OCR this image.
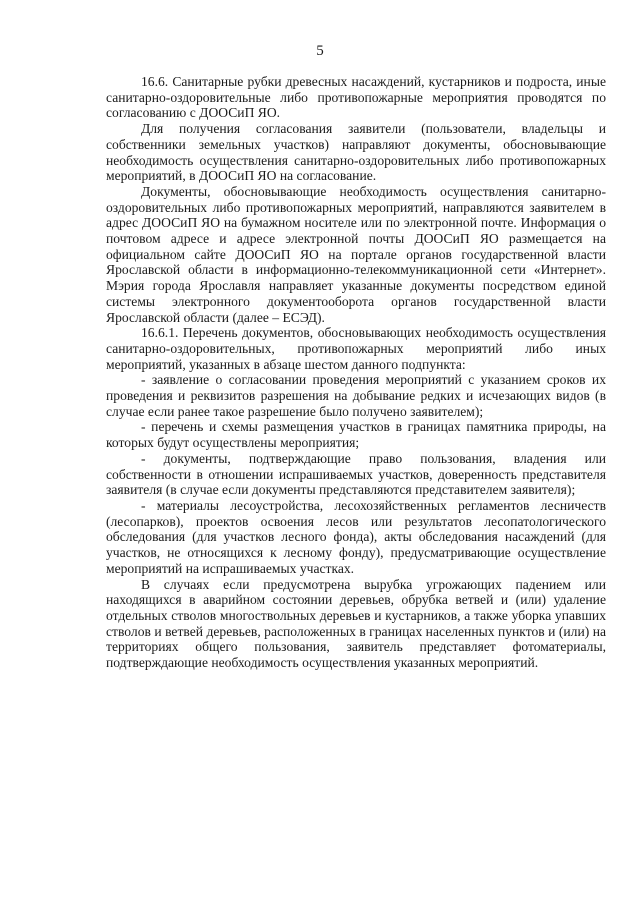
5

16.6. Санитарные рубки древесных насаждений, кустарников и подроста, иные санитарно-оздоровительные либо противопожарные мероприятия проводятся по согласованию с ДООСиП ЯО.

Для получения согласования заявители (пользователи, владельцы и собственники земельных участков) направляют документы, обосновывающие необходимость осуществления санитарно-оздоровительных либо противопожарных мероприятий, в ДООСиП ЯО на согласование.

Документы, обосновывающие необходимость осуществления санитарно-оздоровительных либо противопожарных мероприятий, направляются заявителем в адрес ДООСиП ЯО на бумажном носителе или по электронной почте. Информация о почтовом адресе и адресе электронной почты ДООСиП ЯО размещается на официальном сайте ДООСиП ЯО на портале органов государственной власти Ярославской области в информационно-телекоммуникационной сети «Интернет». Мэрия города Ярославля направляет указанные документы посредством единой системы электронного документооборота органов государственной власти Ярославской области (далее – ЕСЭД).

16.6.1. Перечень документов, обосновывающих необходимость осуществления санитарно-оздоровительных, противопожарных мероприятий либо иных мероприятий, указанных в абзаце шестом данного подпункта:

- заявление о согласовании проведения мероприятий с указанием сроков их проведения и реквизитов разрешения на добывание редких и исчезающих видов (в случае если ранее такое разрешение было получено заявителем);

- перечень и схемы размещения участков в границах памятника природы, на которых будут осуществлены мероприятия;

- документы, подтверждающие право пользования, владения или собственности в отношении испрашиваемых участков, доверенность представителя заявителя (в случае если документы представляются представителем заявителя);

- материалы лесоустройства, лесохозяйственных регламентов лесничеств (лесопарков), проектов освоения лесов или результатов лесопатологического обследования (для участков лесного фонда), акты обследования насаждений (для участков, не относящихся к лесному фонду), предусматривающие осуществление мероприятий на испрашиваемых участках.

В случаях если предусмотрена вырубка угрожающих падением или находящихся в аварийном состоянии деревьев, обрубка ветвей и (или) удаление отдельных стволов многоствольных деревьев и кустарников, а также уборка упавших стволов и ветвей деревьев, расположенных в границах населенных пунктов и (или) на территориях общего пользования, заявитель представляет фотоматериалы, подтверждающие необходимость осуществления указанных мероприятий.
